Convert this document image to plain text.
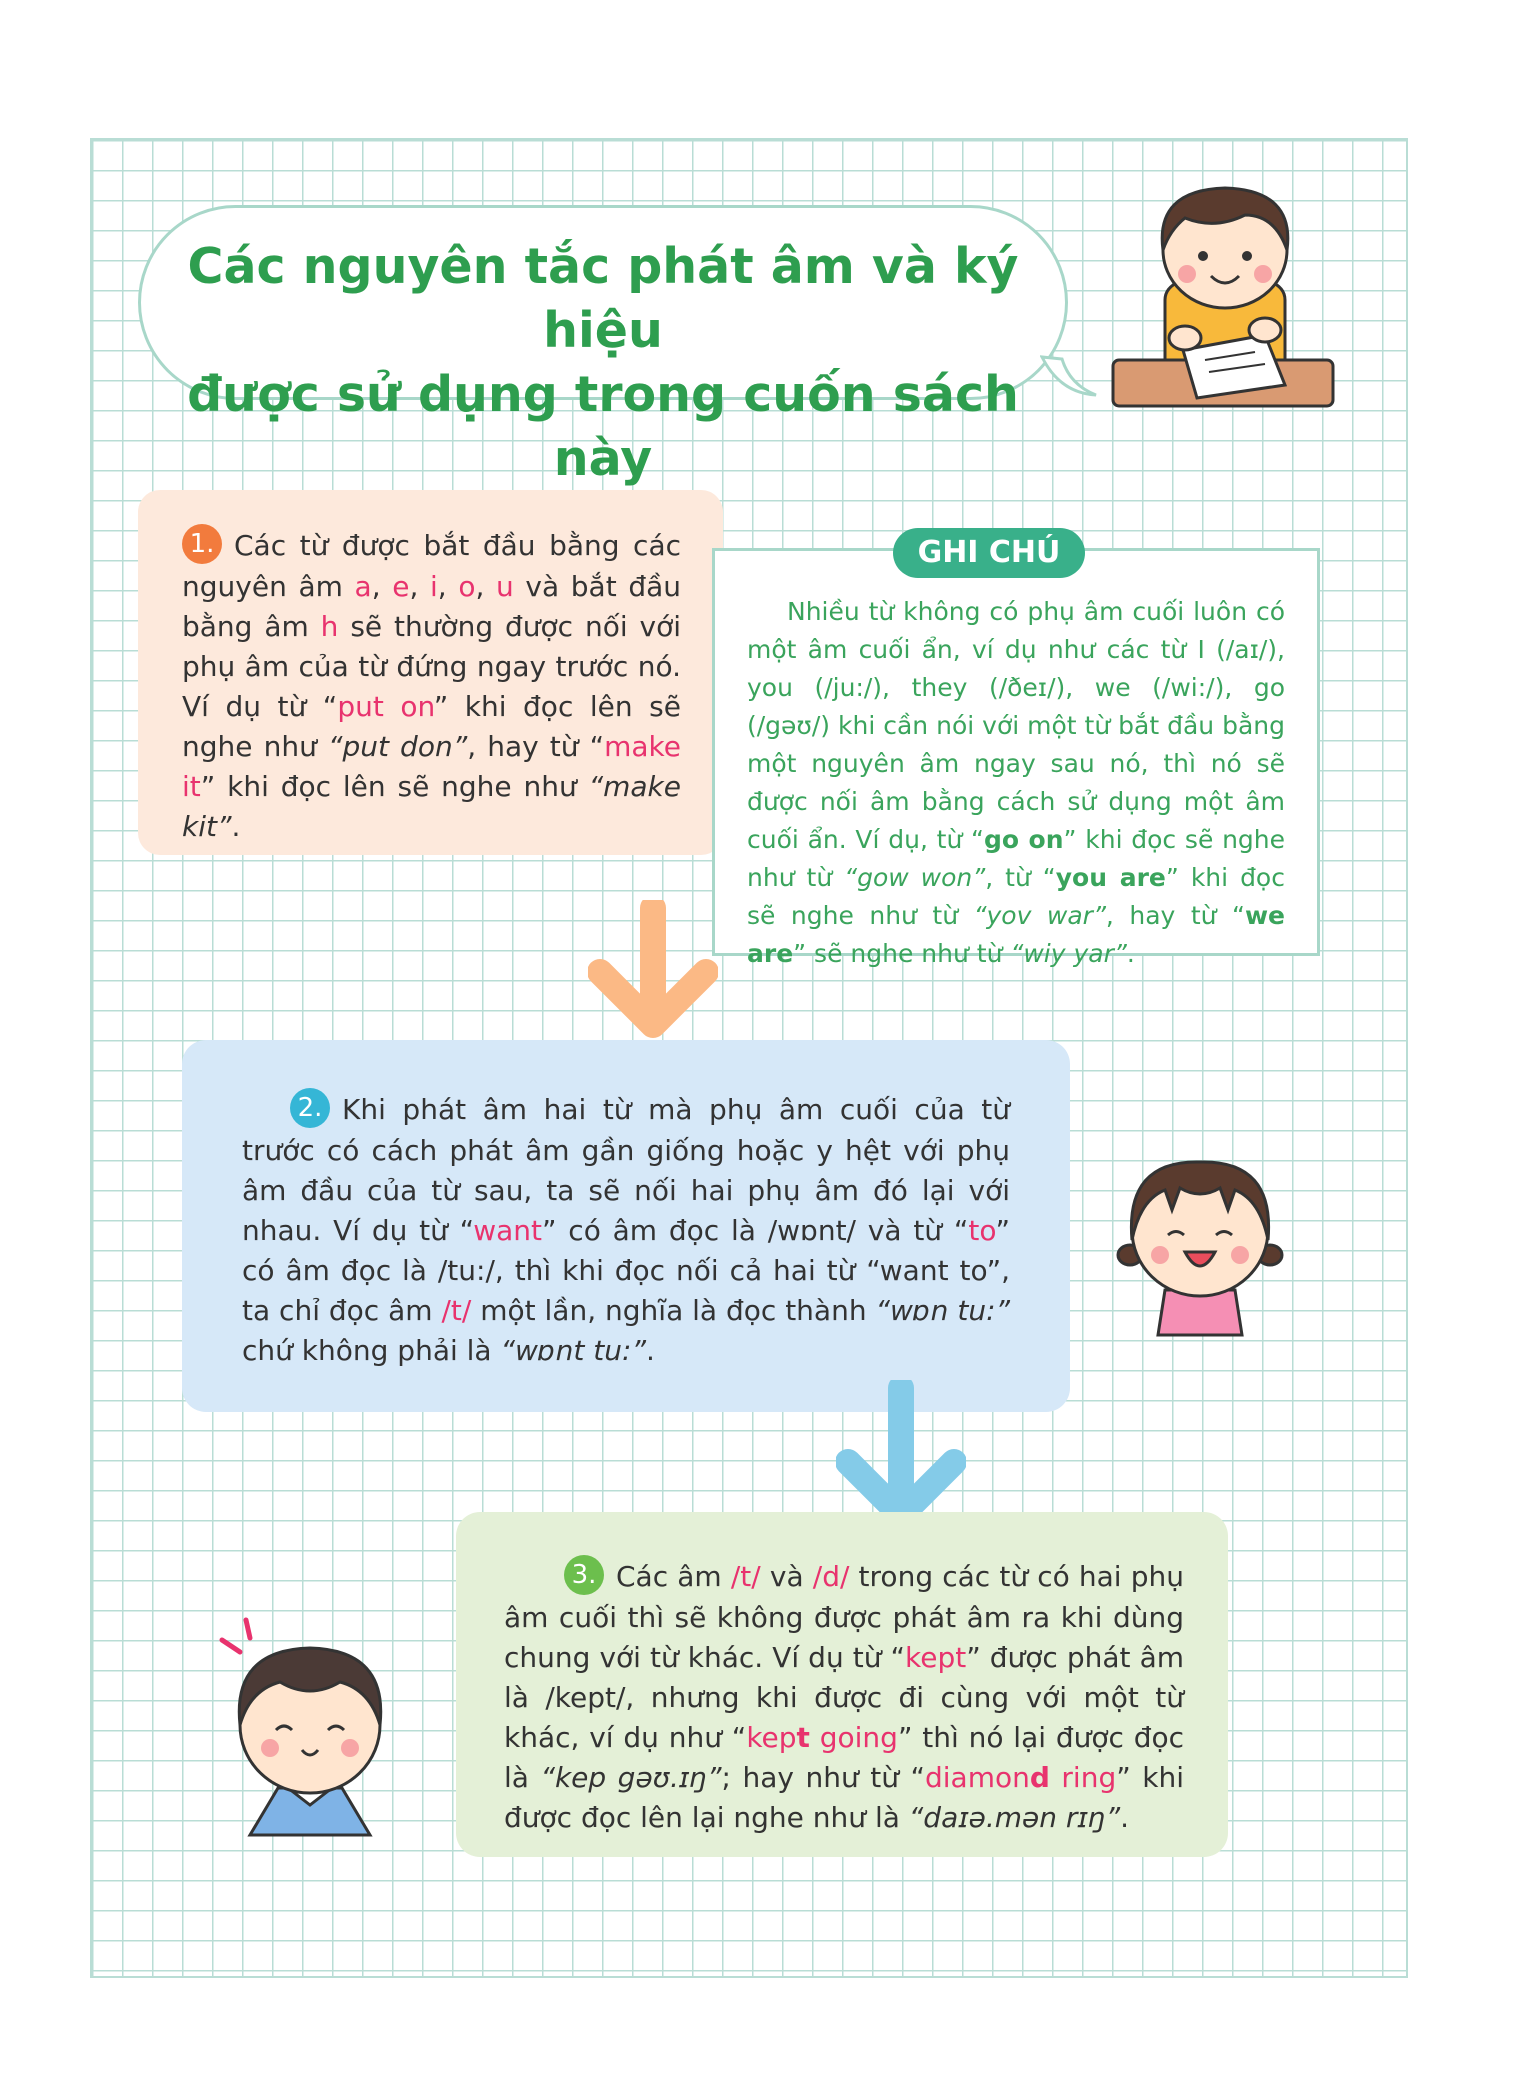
Các nguyên tắc phát âm và ký hiệu
được sử dụng trong cuốn sách này

1. Các từ được bắt đầu bằng các nguyên âm a, e, i, o, u và bắt đầu bằng âm h sẽ thường được nối với phụ âm của từ đứng ngay trước nó. Ví dụ từ “put on” khi đọc lên sẽ nghe như “put don”, hay từ “make it” khi đọc lên sẽ nghe như “make kit”.

Nhiều từ không có phụ âm cuối luôn có một âm cuối ẩn, ví dụ như các từ I (/aɪ/), you (/ju:/), they (/ðeɪ/), we (/wi:/), go (/gəʊ/) khi cần nói với một từ bắt đầu bằng một nguyên âm ngay sau nó, thì nó sẽ được nối âm bằng cách sử dụng một âm cuối ẩn. Ví dụ, từ “go on” khi đọc sẽ nghe như từ “gow won”, từ “you are” khi đọc sẽ nghe như từ “yov war”, hay từ “we are” sẽ nghe như từ “wiy yar”.

GHI CHÚ

2. Khi phát âm hai từ mà phụ âm cuối của từ trước có cách phát âm gần giống hoặc y hệt với phụ âm đầu của từ sau, ta sẽ nối hai phụ âm đó lại với nhau. Ví dụ từ “want” có âm đọc là /wɒnt/ và từ “to” có âm đọc là /tu:/, thì khi đọc nối cả hai từ “want to”, ta chỉ đọc âm /t/ một lần, nghĩa là đọc thành “wɒn tu:” chứ không phải là “wɒnt tu:”.

3. Các âm /t/ và /d/ trong các từ có hai phụ âm cuối thì sẽ không được phát âm ra khi dùng chung với từ khác. Ví dụ từ “kept” được phát âm là /kept/, nhưng khi được đi cùng với một từ khác, ví dụ như “kept going” thì nó lại được đọc là “kep gəʊ.ɪŋ”; hay như từ “diamond ring” khi được đọc lên lại nghe như là “daɪə.mən rɪŋ”.
